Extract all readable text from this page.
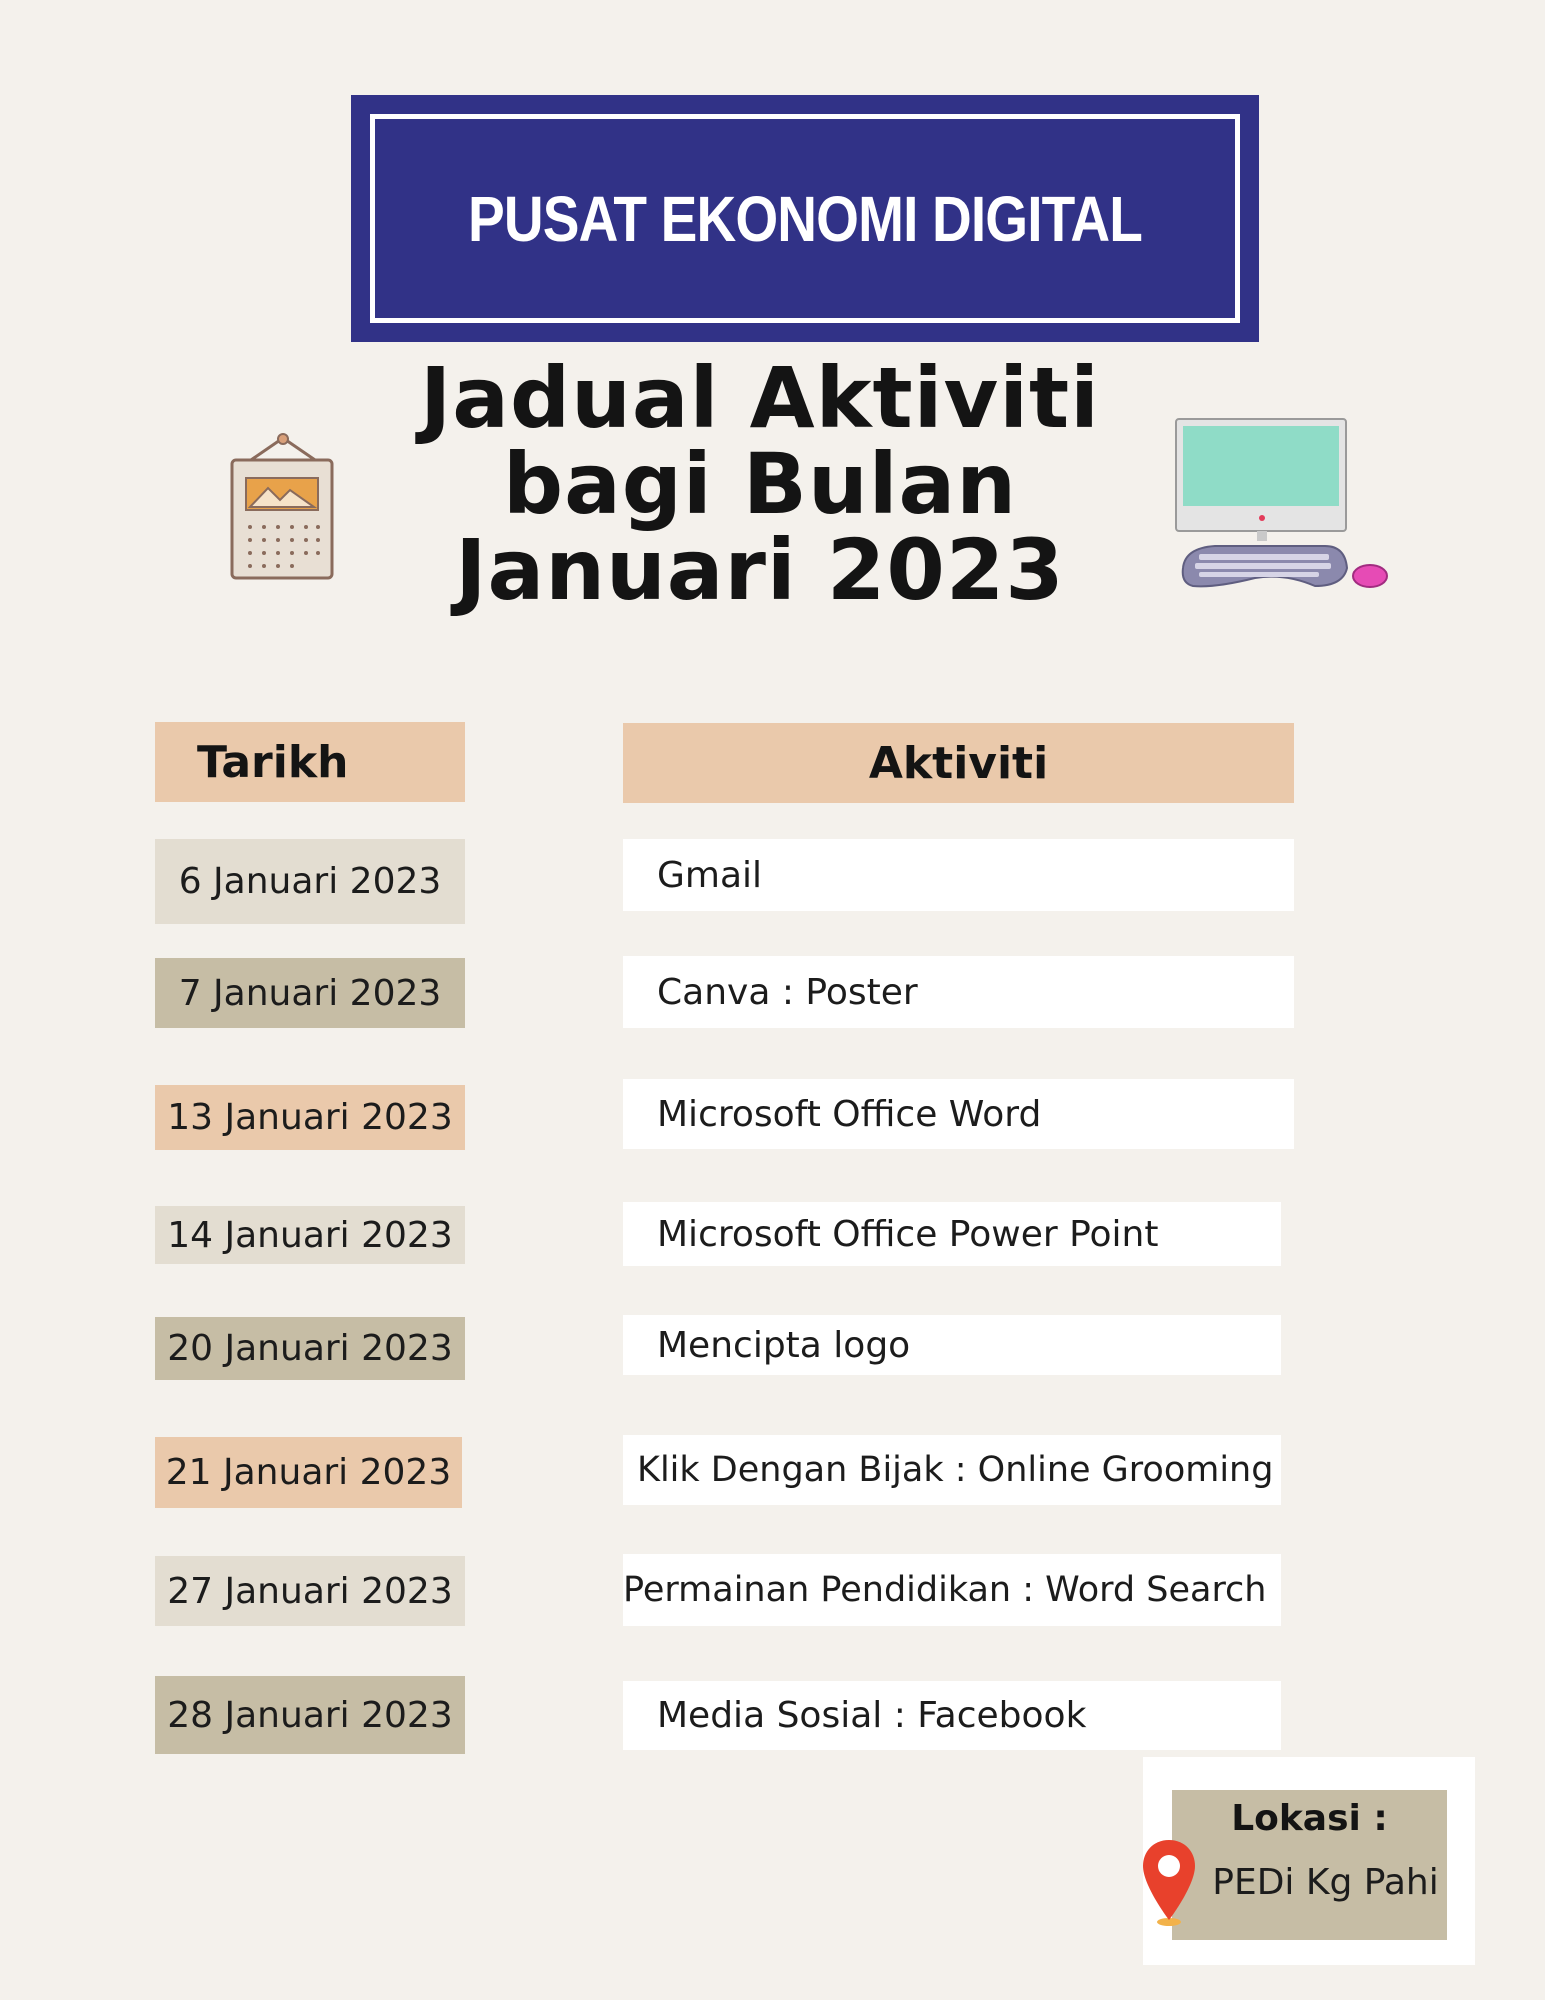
PUSAT EKONOMI DIGITAL
Jadual Aktiviti
bagi Bulan
Januari 2023
Tarikh	Aktiviti
6 Januari 2023	Gmail
7 Januari 2023	Canva : Poster
13 Januari 2023	Microsoft Office Word
14 Januari 2023	Microsoft Office Power Point
20 Januari 2023	Mencipta logo
21 Januari 2023	Klik Dengan Bijak : Online Grooming
27 Januari 2023	Permainan Pendidikan : Word Search
28 Januari 2023	Media Sosial : Facebook
Lokasi :
PEDi Kg Pahi
